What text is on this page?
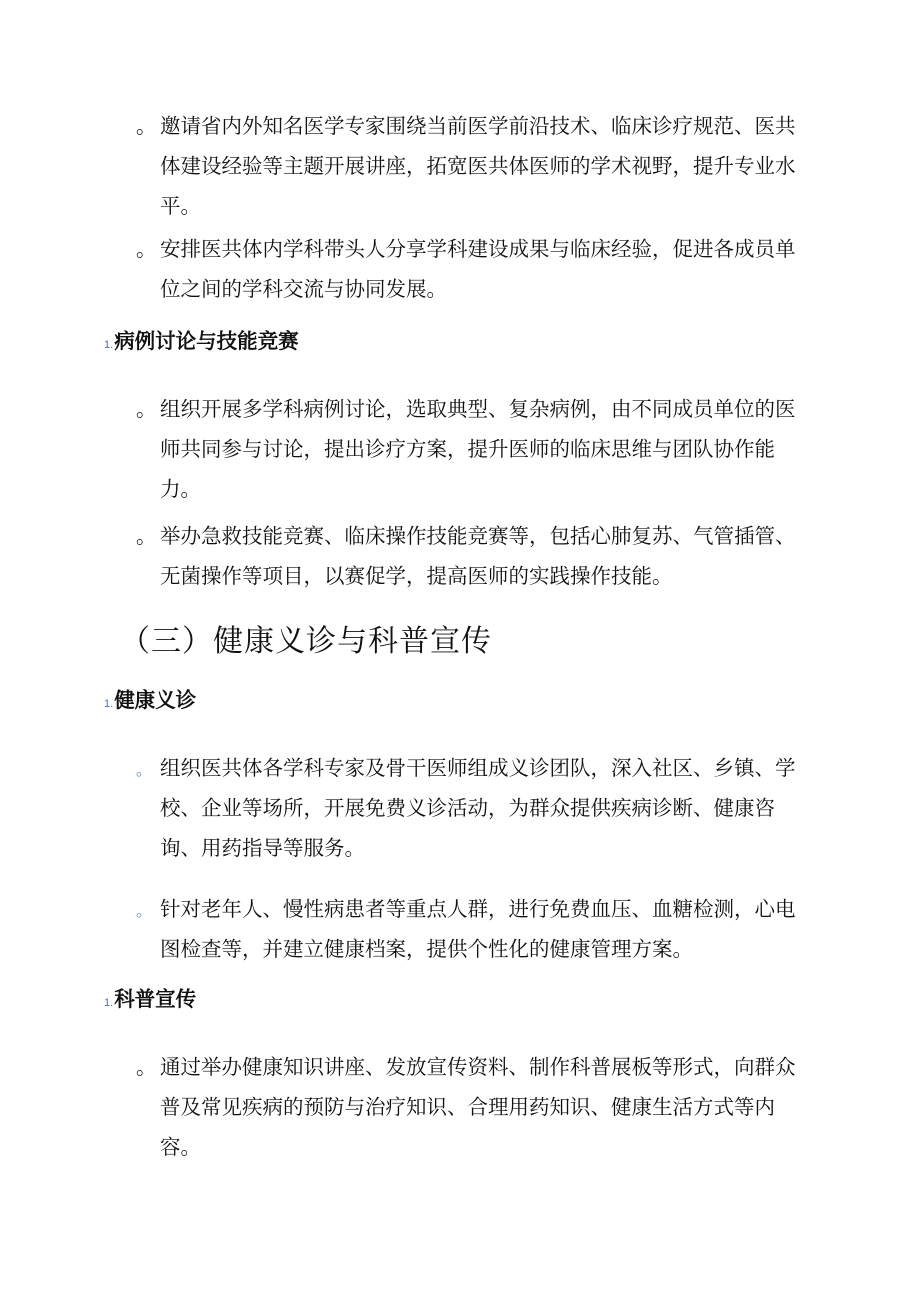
。 邀请省内外知名医学专家围绕当前医学前沿技术、临床诊疗规范、医共体建设经验等主题开展讲座，拓宽医共体医师的学术视野，提升专业水平。
。 安排医共体内学科带头人分享学科建设成果与临床经验，促进各成员单位之间的学科交流与协同发展。
1.病例讨论与技能竞赛
。 组织开展多学科病例讨论，选取典型、复杂病例，由不同成员单位的医师共同参与讨论，提出诊疗方案，提升医师的临床思维与团队协作能力。
。 举办急救技能竞赛、临床操作技能竞赛等，包括心肺复苏、气管插管、无菌操作等项目，以赛促学，提高医师的实践操作技能。
（三）健康义诊与科普宣传
1.健康义诊
。 组织医共体各学科专家及骨干医师组成义诊团队，深入社区、乡镇、学校、企业等场所，开展免费义诊活动，为群众提供疾病诊断、健康咨询、用药指导等服务。
。 针对老年人、慢性病患者等重点人群，进行免费血压、血糖检测，心电图检查等，并建立健康档案，提供个性化的健康管理方案。
1.科普宣传
。 通过举办健康知识讲座、发放宣传资料、制作科普展板等形式，向群众普及常见疾病的预防与治疗知识、合理用药知识、健康生活方式等内容。
